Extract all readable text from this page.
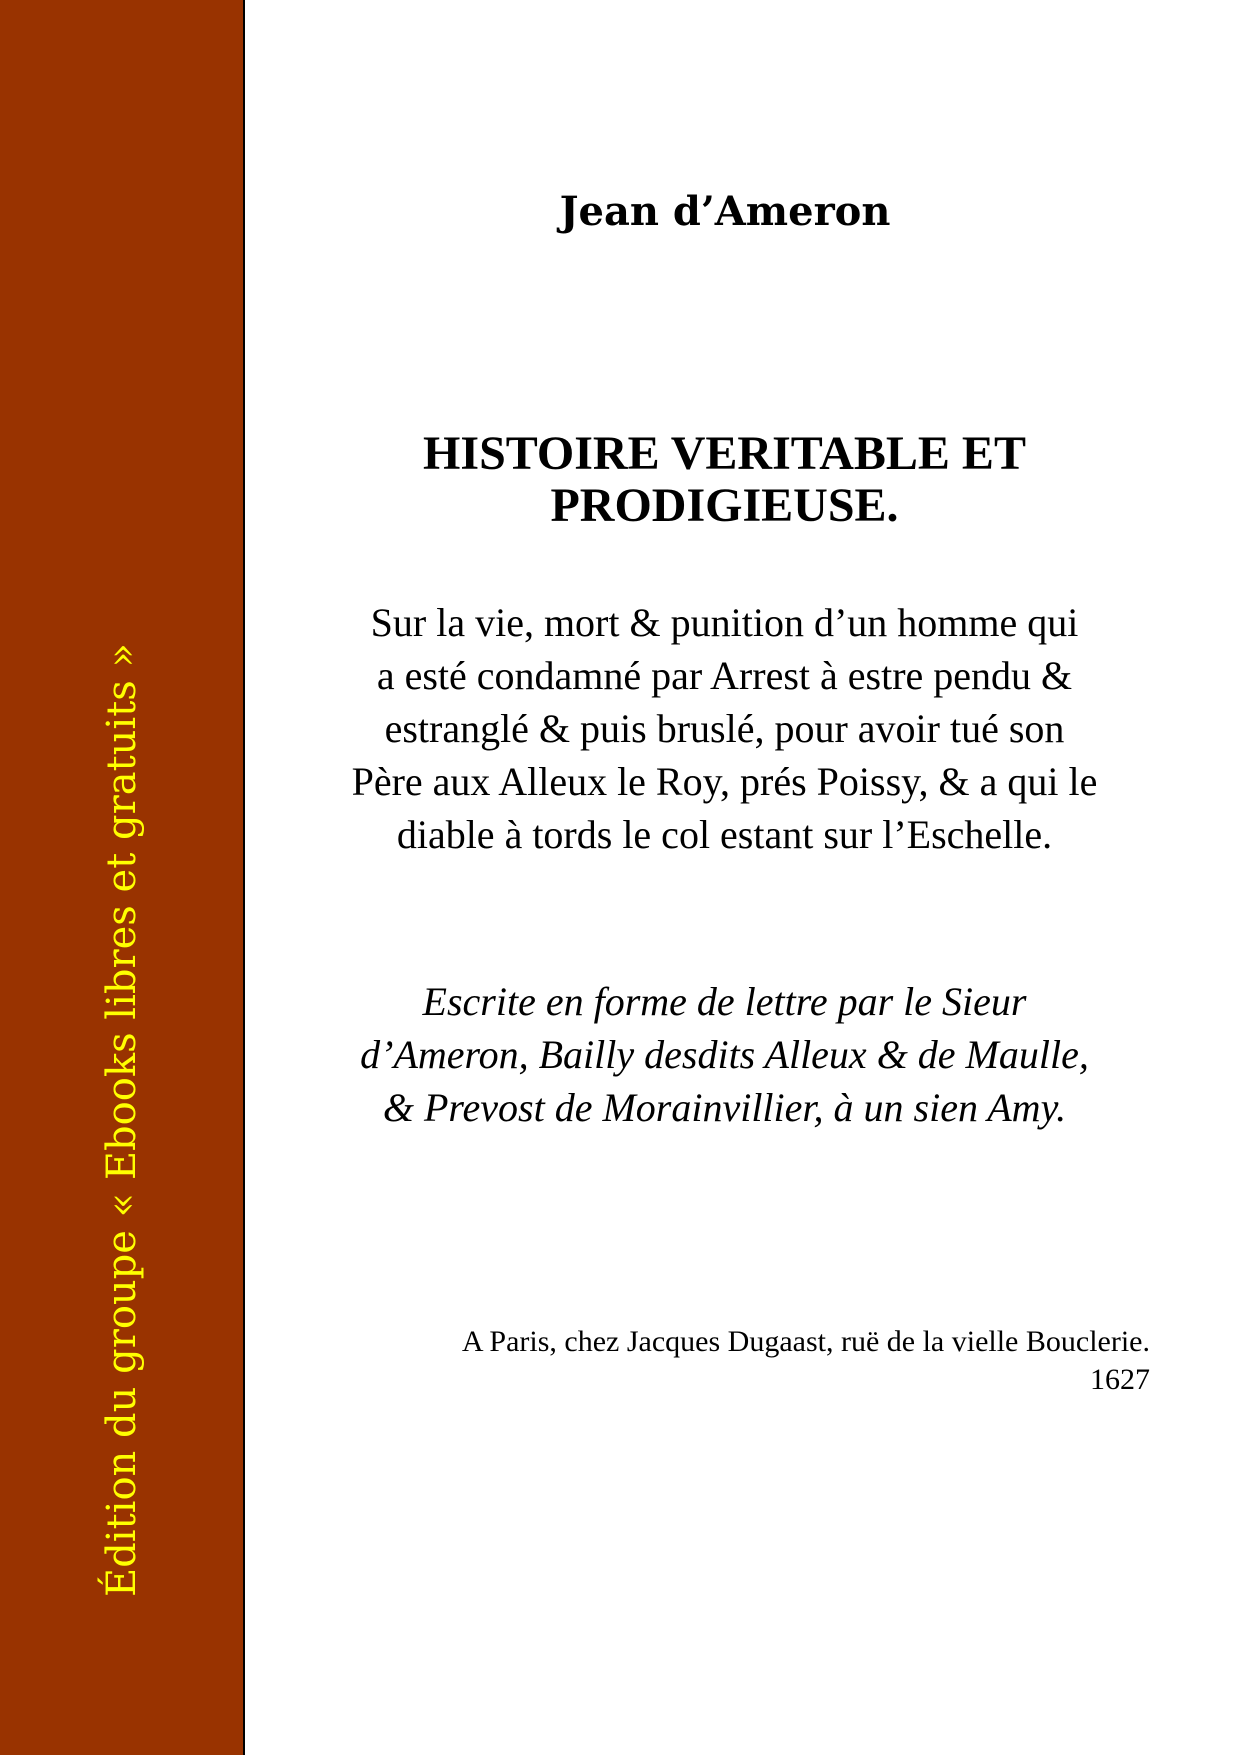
Édition du groupe « Ebooks libres et gratuits »
Jean d’Ameron
HISTOIRE VERITABLE ET
PRODIGIEUSE.
Sur la vie, mort & punition d’un homme qui
a esté condamné par Arrest à estre pendu &
estranglé & puis bruslé, pour avoir tué son
Père aux Alleux le Roy, prés Poissy, & a qui le
diable à tords le col estant sur l’Eschelle.
Escrite en forme de lettre par le Sieur
d’Ameron, Bailly desdits Alleux & de Maulle,
& Prevost de Morainvillier, à un sien Amy.
A Paris, chez Jacques Dugaast, ruë de la vielle Bouclerie.
1627
